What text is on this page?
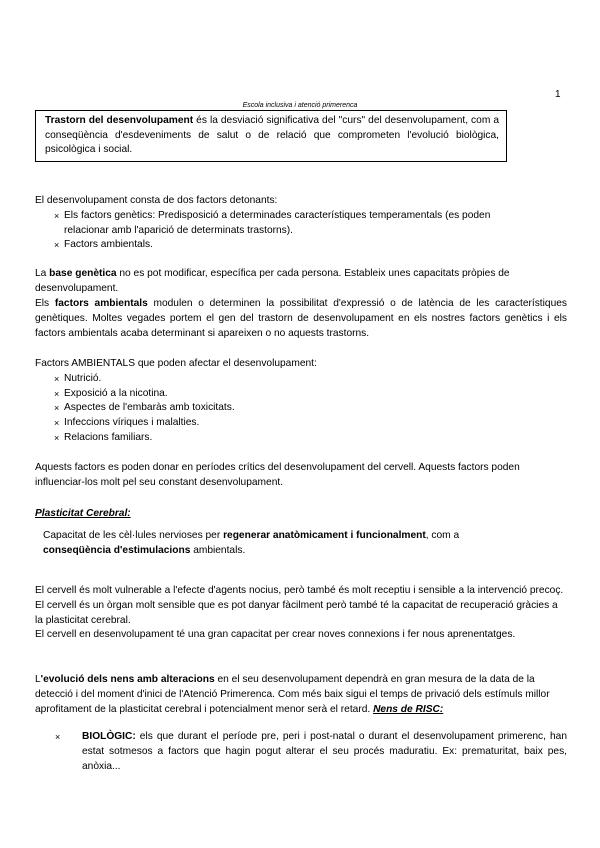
1
Escola inclusiva i atenció primerenca
Trastorn del desenvolupament és la desviació significativa del "curs" del desenvolupament, com a conseqüència d'esdeveniments de salut o de relació que comprometen l'evolució biològica, psicològica i social.
El desenvolupament consta de dos factors detonants:
× Els factors genètics: Predisposició a determinades característiques temperamentals (es poden relacionar amb l'aparició de determinats trastorns).
× Factors ambientals.
La base genètica no es pot modificar, específica per cada persona. Estableix unes capacitats pròpies de desenvolupament.
Els factors ambientals modulen o determinen la possibilitat d'expressió o de latència de les característiques genètiques. Moltes vegades portem el gen del trastorn de desenvolupament en els nostres factors genètics i els factors ambientals acaba determinant si apareixen o no aquests trastorns.
Factors AMBIENTALS que poden afectar el desenvolupament:
× Nutrició.
× Exposició a la nicotina.
× Aspectes de l'embaràs amb toxicitats.
× Infeccions víriques i malalties.
× Relacions familiars.
Aquests factors es poden donar en períodes crítics del desenvolupament del cervell. Aquests factors poden influenciar-los molt pel seu constant desenvolupament.
Plasticitat Cerebral:
Capacitat de les cèl·lules nervioses per regenerar anatòmicament i funcionalment, com a
conseqüència d'estimulacions ambientals.
El cervell és molt vulnerable a l'efecte d'agents nocius, però també és molt receptiu i sensible a la intervenció precoç.
El cervell és un òrgan molt sensible que es pot danyar fàcilment però també té la capacitat de recuperació gràcies a la plasticitat cerebral.
El cervell en desenvolupament té una gran capacitat per crear noves connexions i fer nous aprenentatges.
L'evolució dels nens amb alteracions en el seu desenvolupament dependrà en gran mesura de la data de la detecció i del moment d'inici de l'Atenció Primerenca. Com més baix sigui el temps de privació dels estímuls millor aprofitament de la plasticitat cerebral i potencialment menor serà el retard. Nens de RISC:
× BIOLÒGIC: els que durant el període pre, peri i post-natal o durant el desenvolupament primerenc, han estat sotmesos a factors que hagin pogut alterar el seu procés maduratiu. Ex: prematuritat, baix pes, anòxia...
